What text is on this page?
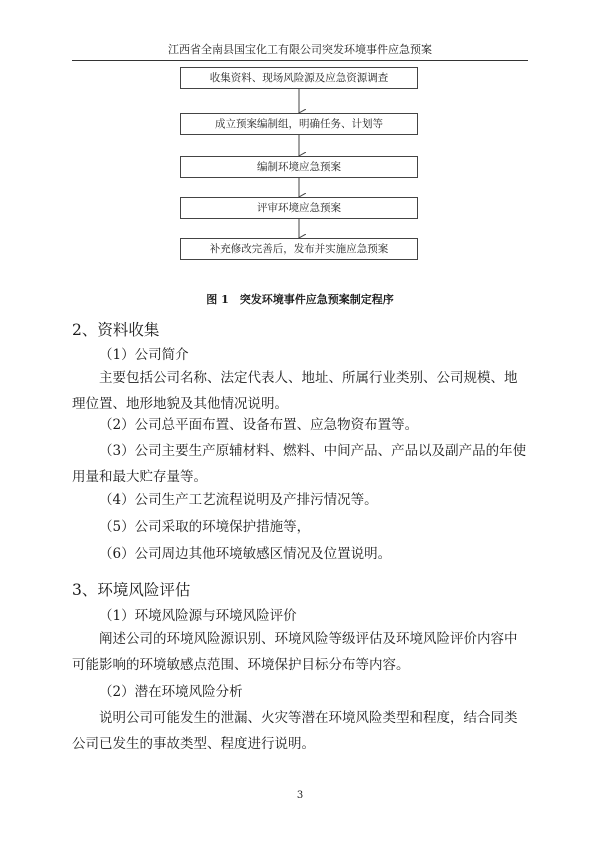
江西省全南县国宝化工有限公司突发环境事件应急预案
收集资料、现场风险源及应急资源调查
成立预案编制组，明确任务、计划等
编制环境应急预案
评审环境应急预案
补充修改完善后，发布并实施应急预案
图 1　突发环境事件应急预案制定程序
2、资料收集
（1）公司简介
主要包括公司名称、法定代表人、地址、所属行业类别、公司规模、地理位置、地形地貌及其他情况说明。
（2）公司总平面布置、设备布置、应急物资布置等。
（3）公司主要生产原辅材料、燃料、中间产品、产品以及副产品的年使用量和最大贮存量等。
（4）公司生产工艺流程说明及产排污情况等。
（5）公司采取的环境保护措施等，
（6）公司周边其他环境敏感区情况及位置说明。
3、环境风险评估
（1）环境风险源与环境风险评价
阐述公司的环境风险源识别、环境风险等级评估及环境风险评价内容中可能影响的环境敏感点范围、环境保护目标分布等内容。
（2）潜在环境风险分析
说明公司可能发生的泄漏、火灾等潜在环境风险类型和程度，结合同类公司已发生的事故类型、程度进行说明。
3
